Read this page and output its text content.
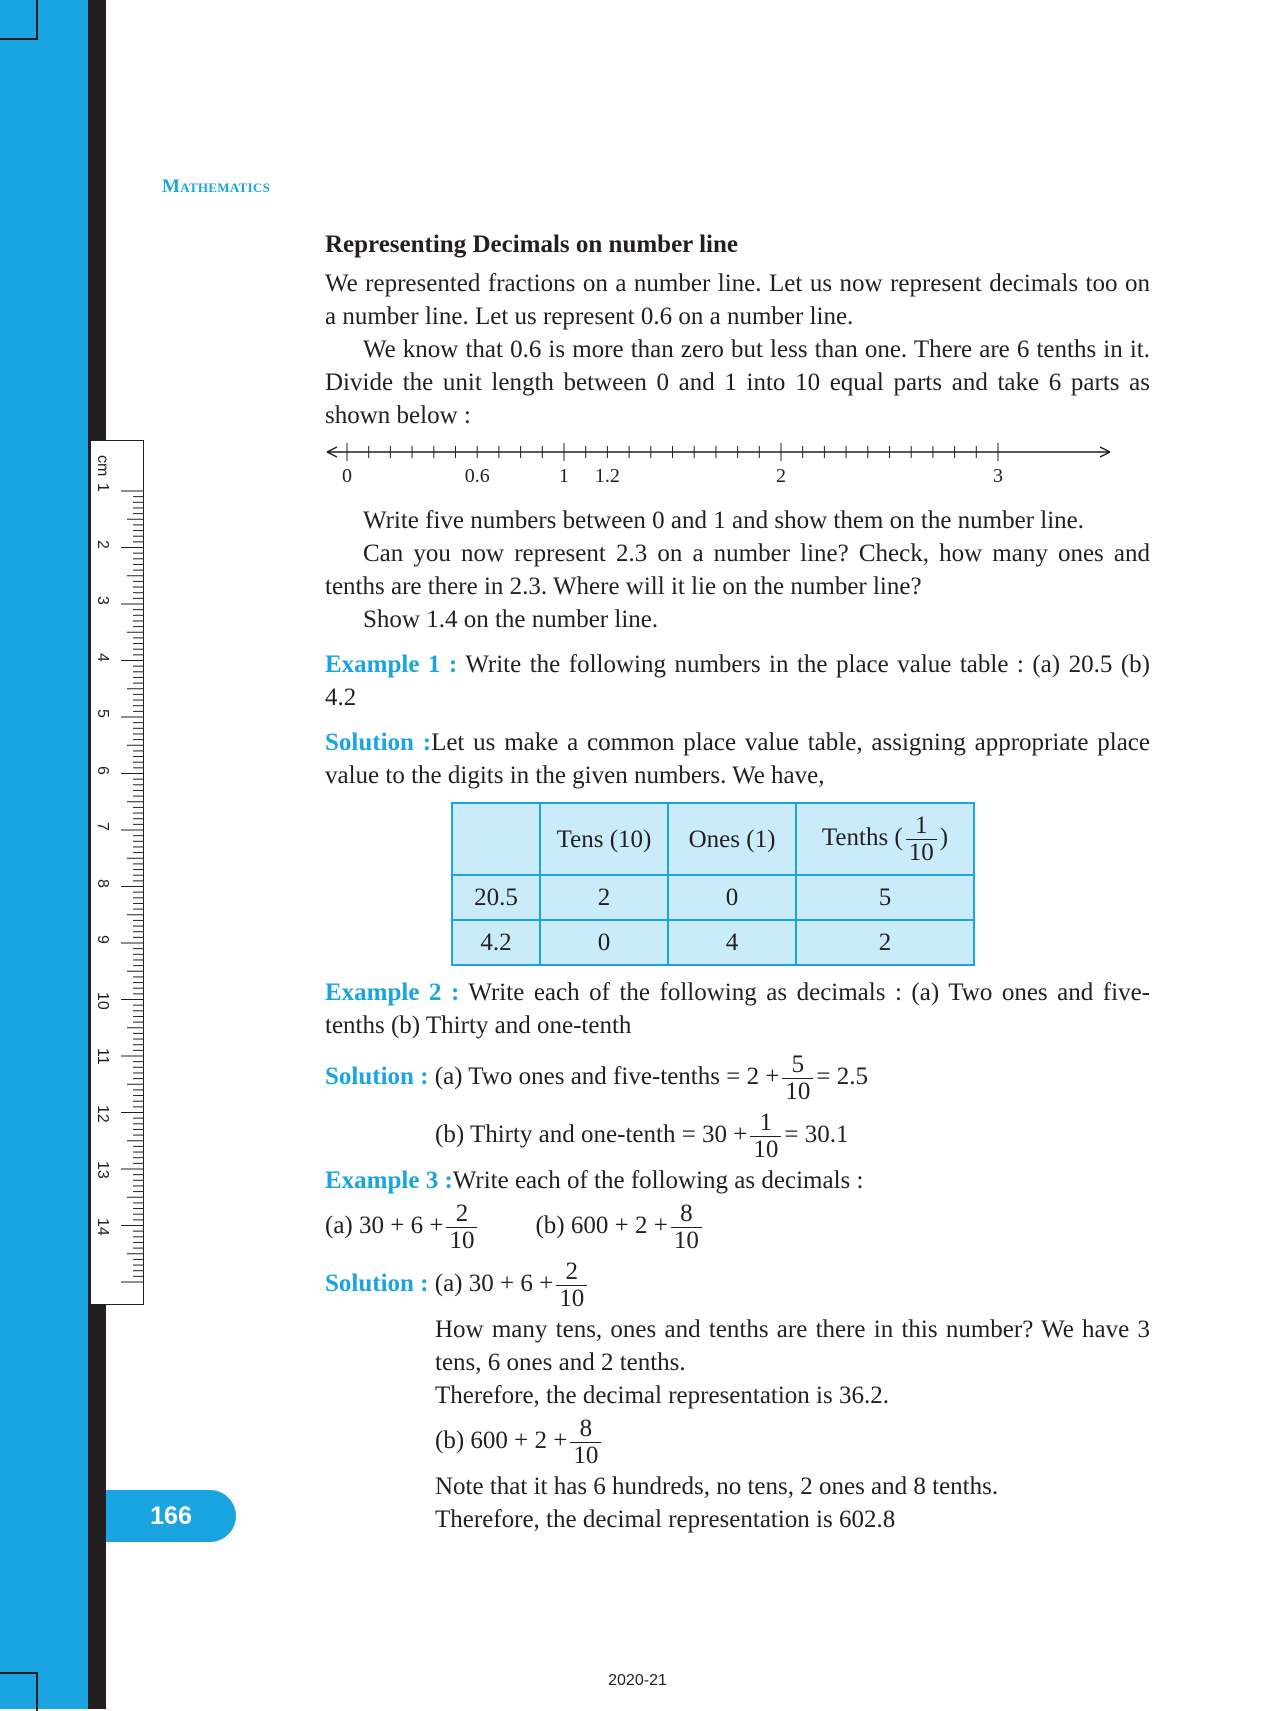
cm
1
2
3
4
5
6
7
8
9
10
11
12
13
14
Mathematics
166
2020-21
Representing Decimals on number line

We represented fractions on a number line. Let us now represent decimals too on a number line. Let us represent 0.6 on a number line.

We know that 0.6 is more than zero but less than one. There are 6 tenths in it. Divide the unit length between 0 and 1 into 10 equal parts and take 6 parts as shown below :

0	0.6	1 1.2	2	3

Write five numbers between 0 and 1 and show them on the number line.

Can you now represent 2.3 on a number line? Check, how many ones and tenths are there in 2.3. Where will it lie on the number line?

Show 1.4 on the number line.

Example 1 : Write the following numbers in the place value table : (a) 20.5 (b) 4.2

Solution :Let us make a common place value table, assigning appropriate place value to the digits in the given numbers. We have,

	Tens (10)	Ones (1)	Tenths ( $\frac{1}{10}$ )
20.5	2	0	5
4.2	0	4	2

Example 2 : Write each of the following as decimals : (a) Two ones and five-tenths (b) Thirty and one-tenth

Solution : (a) Two ones and five-tenths = $2 + \frac{5}{10} = 2.5$
(b) Thirty and one-tenth = $30 + \frac{1}{10} = 30.1$

Example 3 :Write each of the following as decimals :

(a) $30 + 6 + \frac{2}{10} (b) 600 + 2 + \frac{8}{10}$
Solution : (a) $30 + 6 + \frac{2}{10}$

How many tens, ones and tenths are there in this number? We have 3 tens, 6 ones and 2 tenths.

Therefore, the decimal representation is 36.2.

(b) $600 + 2 + \frac{8}{10}$

Note that it has 6 hundreds, no tens, 2 ones and 8 tenths.

Therefore, the decimal representation is 602.8
